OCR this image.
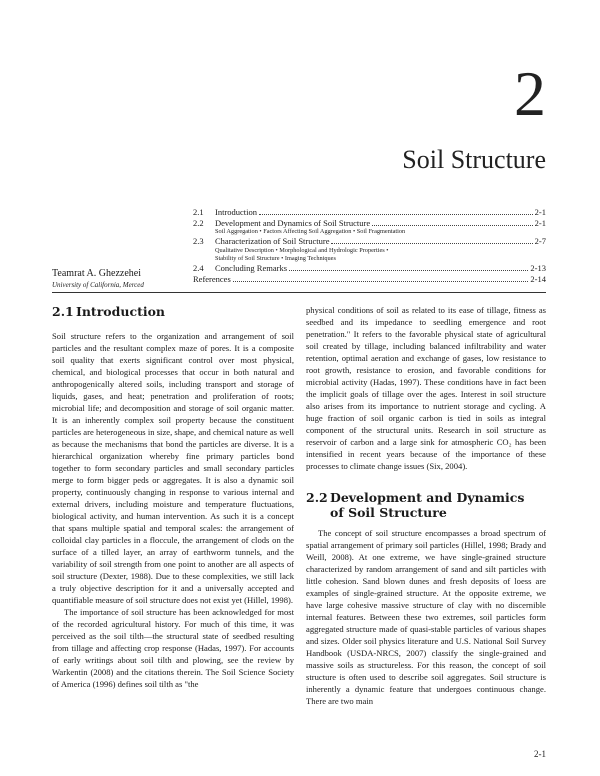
2
Soil Structure
2.1	Introduction	2-1
2.2	Development and Dynamics of Soil Structure	2-1
Soil Aggregation • Factors Affecting Soil Aggregation • Soil Fragmentation
2.3	Characterization of Soil Structure	2-7
Qualitative Description • Morphological and Hydrologic Properties •
Stability of Soil Structure • Imaging Techniques
2.4	Concluding Remarks	2-13
References	2-14
Teamrat A. Ghezzehei
University of California, Merced
2.1 Introduction

Soil structure refers to the organization and arrangement of soil particles and the resultant complex maze of pores. It is a composite soil quality that exerts significant control over most physical, chemical, and biological processes that occur in both natural and anthropogenically altered soils, including transport and storage of liquids, gases, and heat; penetration and proliferation of roots; microbial life; and decomposition and storage of soil organic matter. It is an inherently complex soil property because the constituent particles are heterogeneous in size, shape, and chemical nature as well as because the mechanisms that bond the particles are diverse. It is a hierarchical organization whereby fine primary particles bond together to form secondary particles and small secondary particles merge to form bigger peds or aggregates. It is also a dynamic soil property, continuously changing in response to various internal and external drivers, including moisture and temperature fluctuations, biological activity, and human intervention. As such it is a concept that spans multiple spatial and temporal scales: the arrangement of colloidal clay particles in a floccule, the arrangement of clods on the surface of a tilled layer, an array of earthworm tunnels, and the variability of soil strength from one point to another are all aspects of soil structure (Dexter, 1988). Due to these complexities, we still lack a truly objective description for it and a universally accepted and quantifiable measure of soil structure does not exist yet (Hillel, 1998).

The importance of soil structure has been acknowledged for most of the recorded agricultural history. For much of this time, it was perceived as the soil tilth—the structural state of seedbed resulting from tillage and affecting crop response (Hadas, 1997). For accounts of early writings about soil tilth and plowing, see the review by Warkentin (2008) and the citations therein. The Soil Science Society of America (1996) defines soil tilth as "the

physical conditions of soil as related to its ease of tillage, fitness as seedbed and its impedance to seedling emergence and root penetration." It refers to the favorable physical state of agricultural soil created by tillage, including balanced infiltrability and water retention, optimal aeration and exchange of gases, low resistance to root growth, resistance to erosion, and favorable conditions for microbial activity (Hadas, 1997). These conditions have in fact been the implicit goals of tillage over the ages. Interest in soil structure also arises from its importance to nutrient storage and cycling. A huge fraction of soil organic carbon is tied in soils as integral component of the structural units. Research in soil structure as reservoir of carbon and a large sink for atmospheric CO₂ has been intensified in recent years because of the importance of these processes to climate change issues (Six, 2004).

2.2 Development and Dynamics
of Soil Structure

The concept of soil structure encompasses a broad spectrum of spatial arrangement of primary soil particles (Hillel, 1998; Brady and Weill, 2008). At one extreme, we have single-grained structure characterized by random arrangement of sand and silt particles with little cohesion. Sand blown dunes and fresh deposits of loess are examples of single-grained structure. At the opposite extreme, we have large cohesive massive structure of clay with no discernible internal features. Between these two extremes, soil particles form aggregated structure made of quasi-stable particles of various shapes and sizes. Older soil physics literature and U.S. National Soil Survey Handbook (USDA-NRCS, 2007) classify the single-grained and massive soils as structureless. For this reason, the concept of soil structure is often used to describe soil aggregates. Soil structure is inherently a dynamic feature that undergoes continuous change. There are two main

2-1
